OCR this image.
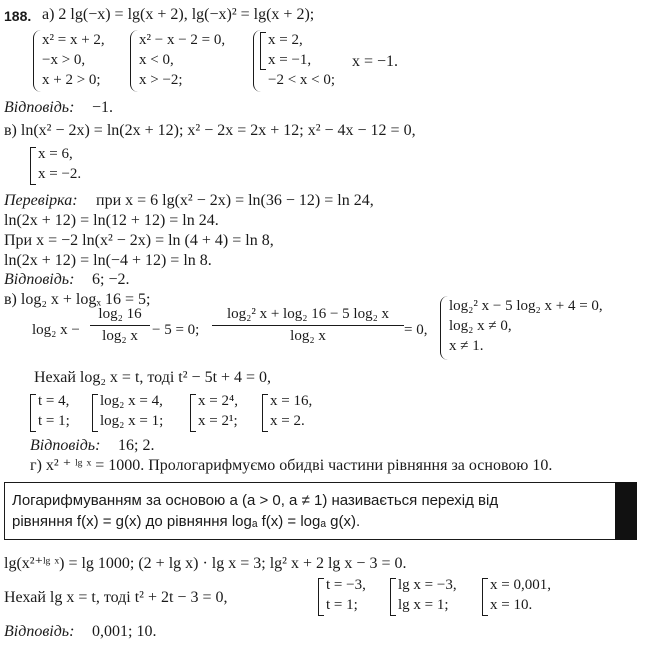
188. а) 2 lg(−x) = lg(x + 2), lg(−x)² = lg(x + 2);
x² = x + 2,
−x > 0,
x + 2 > 0;
x² − x − 2 = 0,
x < 0,
x > −2;
x = 2,
x = −1,
−2 < x < 0;
x = −1.
Відповідь: −1.
в) ln(x² − 2x) = ln(2x + 12); x² − 2x = 2x + 12; x² − 4x − 12 = 0,
x = 6,
x = −2.
Перевірка: при x = 6 lg(x² − 2x) = ln(36 − 12) = ln 24,
ln(2x + 12) = ln(12 + 12) = ln 24.
При x = −2 ln(x² − 2x) = ln (4 + 4) = ln 8,
ln(2x + 12) = ln(−4 + 12) = ln 8.
Відповідь: 6; −2.
в) log₂ x + logₓ 16 = 5;
log₂ x −
log₂ 16
log₂ x − 5 = 0;
log₂² x + log₂ 16 − 5 log₂ x
log₂ x	= 0,
log₂² x − 5 log₂ x + 4 = 0,
log₂ x ≠ 0,
x ≠ 1.
Нехай log₂ x = t, тоді t² − 5t + 4 = 0,
t = 4,
t = 1;
log₂ x = 4,
log₂ x = 1;
x = 2⁴,
x = 2¹;
x = 16,
x = 2.
Відповідь: 16; 2.
г) x² ⁺ ˡᵍ ˣ = 1000. Прологарифмуємо обидві частини рівняння за основою 10.
Логарифмуванням за основою a (a > 0, a ≠ 1) називається перехід від
рівняння f(x) = g(x) до рівняння logₐ f(x) = logₐ g(x).
lg(x²⁺ˡᵍ ˣ) = lg 1000; (2 + lg x) · lg x = 3; lg² x + 2 lg x − 3 = 0.
Нехай lg x = t, тоді t² + 2t − 3 = 0,
t = −3,
t = 1;
lg x = −3,
lg x = 1;
x = 0,001,
x = 10.
Відповідь: 0,001; 10.
